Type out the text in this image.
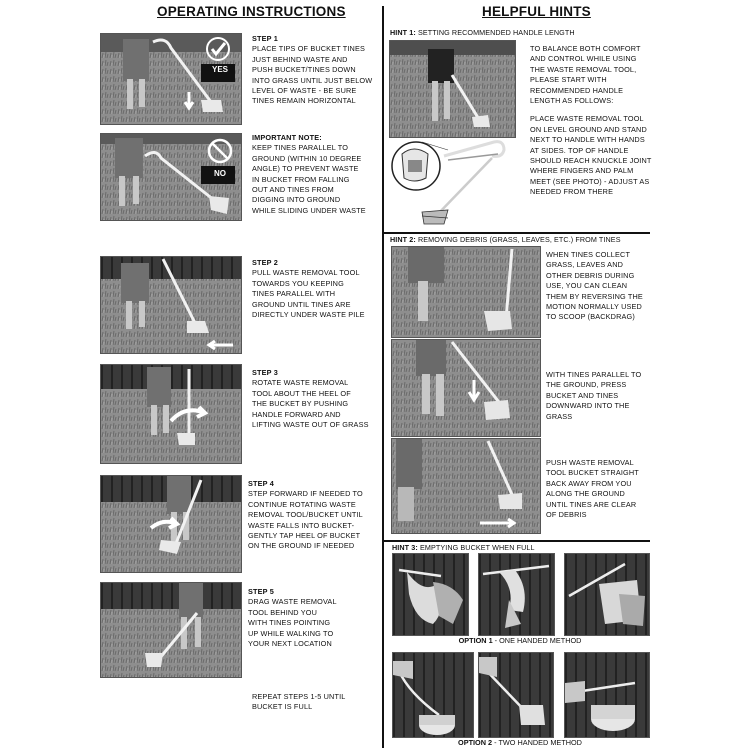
OPERATING INSTRUCTIONS	HELPFUL HINTS
YES
NO
STEP 1
PLACE TIPS OF BUCKET TINES
JUST BEHIND WASTE AND
PUSH BUCKET/TINES DOWN
INTO GRASS UNTIL JUST BELOW
LEVEL OF WASTE - BE SURE
TINES REMAIN HORIZONTAL
IMPORTANT NOTE:
KEEP TINES PARALLEL TO
GROUND (WITHIN 10 DEGREE
ANGLE) TO PREVENT WASTE
IN BUCKET FROM FALLING
OUT AND TINES FROM
DIGGING INTO GROUND
WHILE SLIDING UNDER WASTE
STEP 2
PULL WASTE REMOVAL TOOL
TOWARDS YOU KEEPING
TINES PARALLEL WITH
GROUND UNTIL TINES ARE
DIRECTLY UNDER WASTE PILE
STEP 3
ROTATE WASTE REMOVAL
TOOL ABOUT THE HEEL OF
THE BUCKET BY PUSHING
HANDLE FORWARD AND
LIFTING WASTE OUT OF GRASS
STEP 4
STEP FORWARD IF NEEDED TO
CONTINUE ROTATING WASTE
REMOVAL TOOL/BUCKET UNTIL
WASTE FALLS INTO BUCKET-
GENTLY TAP HEEL OF BUCKET
ON THE GROUND IF NEEDED
STEP 5
DRAG WASTE REMOVAL
TOOL BEHIND YOU
WITH TINES POINTING
UP WHILE WALKING TO
YOUR NEXT LOCATION
REPEAT STEPS 1-5 UNTIL
BUCKET IS FULL
HINT 1: SETTING RECOMMENDED HANDLE LENGTH
TO BALANCE BOTH COMFORT
AND CONTROL WHILE USING
THE WASTE REMOVAL TOOL,
PLEASE START WITH
RECOMMENDED HANDLE
LENGTH AS FOLLOWS:
PLACE WASTE REMOVAL TOOL
ON LEVEL GROUND AND STAND
NEXT TO HANDLE WITH HANDS
AT SIDES. TOP OF HANDLE
SHOULD REACH KNUCKLE JOINT
WHERE FINGERS AND PALM
MEET (SEE PHOTO) - ADJUST AS
NEEDED FROM THERE
HINT 2: REMOVING DEBRIS (GRASS, LEAVES, ETC.) FROM TINES
WHEN TINES COLLECT
GRASS, LEAVES AND
OTHER DEBRIS DURING
USE, YOU CAN CLEAN
THEM BY REVERSING THE
MOTION NORMALLY USED
TO SCOOP (BACKDRAG)
WITH TINES PARALLEL TO
THE GROUND, PRESS
BUCKET AND TINES
DOWNWARD INTO THE
GRASS
PUSH WASTE REMOVAL
TOOL BUCKET STRAIGHT
BACK AWAY FROM YOU
ALONG THE GROUND
UNTIL TINES ARE CLEAR
OF DEBRIS
HINT 3: EMPTYING BUCKET WHEN FULL
OPTION 1 - ONE HANDED METHOD
OPTION 2 - TWO HANDED METHOD
